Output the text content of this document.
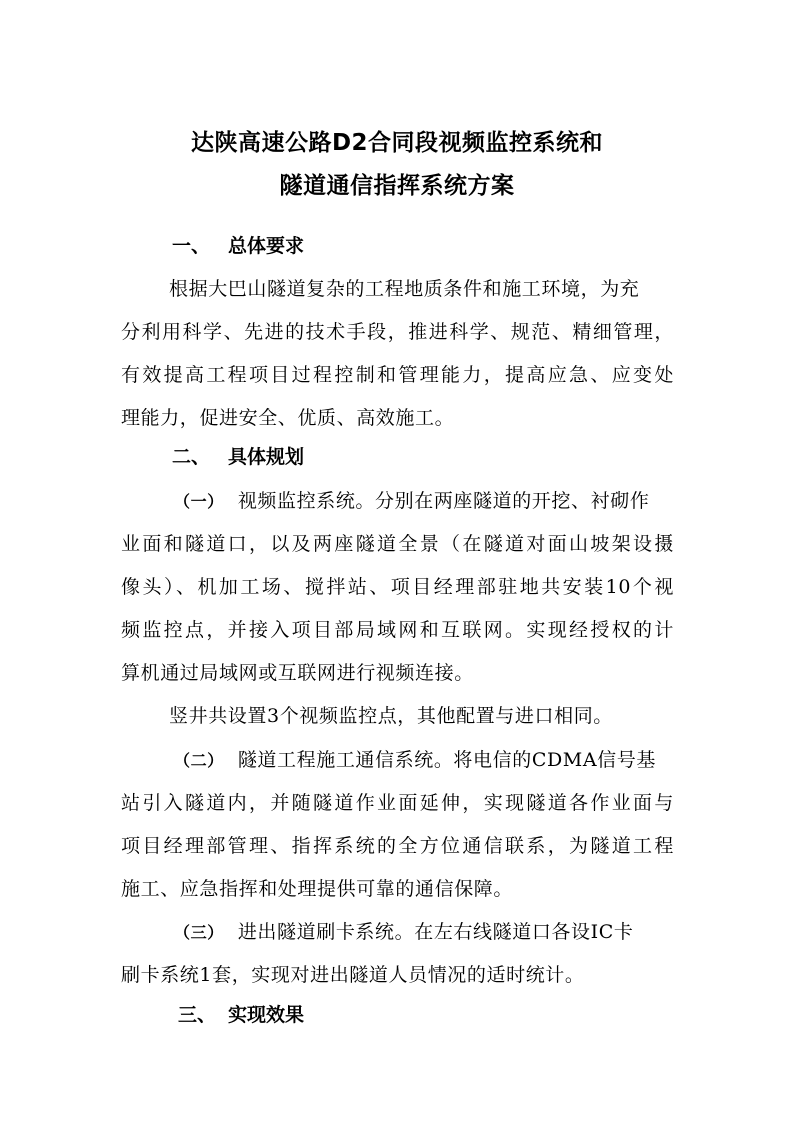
达陕高速公路D2合同段视频监控系统和
隧道通信指挥系统方案
一、 总体要求
根据大巴山隧道复杂的工程地质条件和施工环境，为充
分利用科学、先进的技术手段，推进科学、规范、精细管理，
有效提高工程项目过程控制和管理能力，提高应急、应变处
理能力，促进安全、优质、高效施工。
二、 具体规划
（一） 视频监控系统。分别在两座隧道的开挖、衬砌作
业面和隧道口，以及两座隧道全景（在隧道对面山坡架设摄
像头）、机加工场、搅拌站、项目经理部驻地共安装10个视
频监控点，并接入项目部局域网和互联网。实现经授权的计
算机通过局域网或互联网进行视频连接。
竖井共设置3个视频监控点，其他配置与进口相同。
（二） 隧道工程施工通信系统。将电信的CDMA信号基
站引入隧道内，并随隧道作业面延伸，实现隧道各作业面与
项目经理部管理、指挥系统的全方位通信联系，为隧道工程
施工、应急指挥和处理提供可靠的通信保障。
（三） 进出隧道刷卡系统。在左右线隧道口各设IC卡
刷卡系统1套，实现对进出隧道人员情况的适时统计。
三、 实现效果
